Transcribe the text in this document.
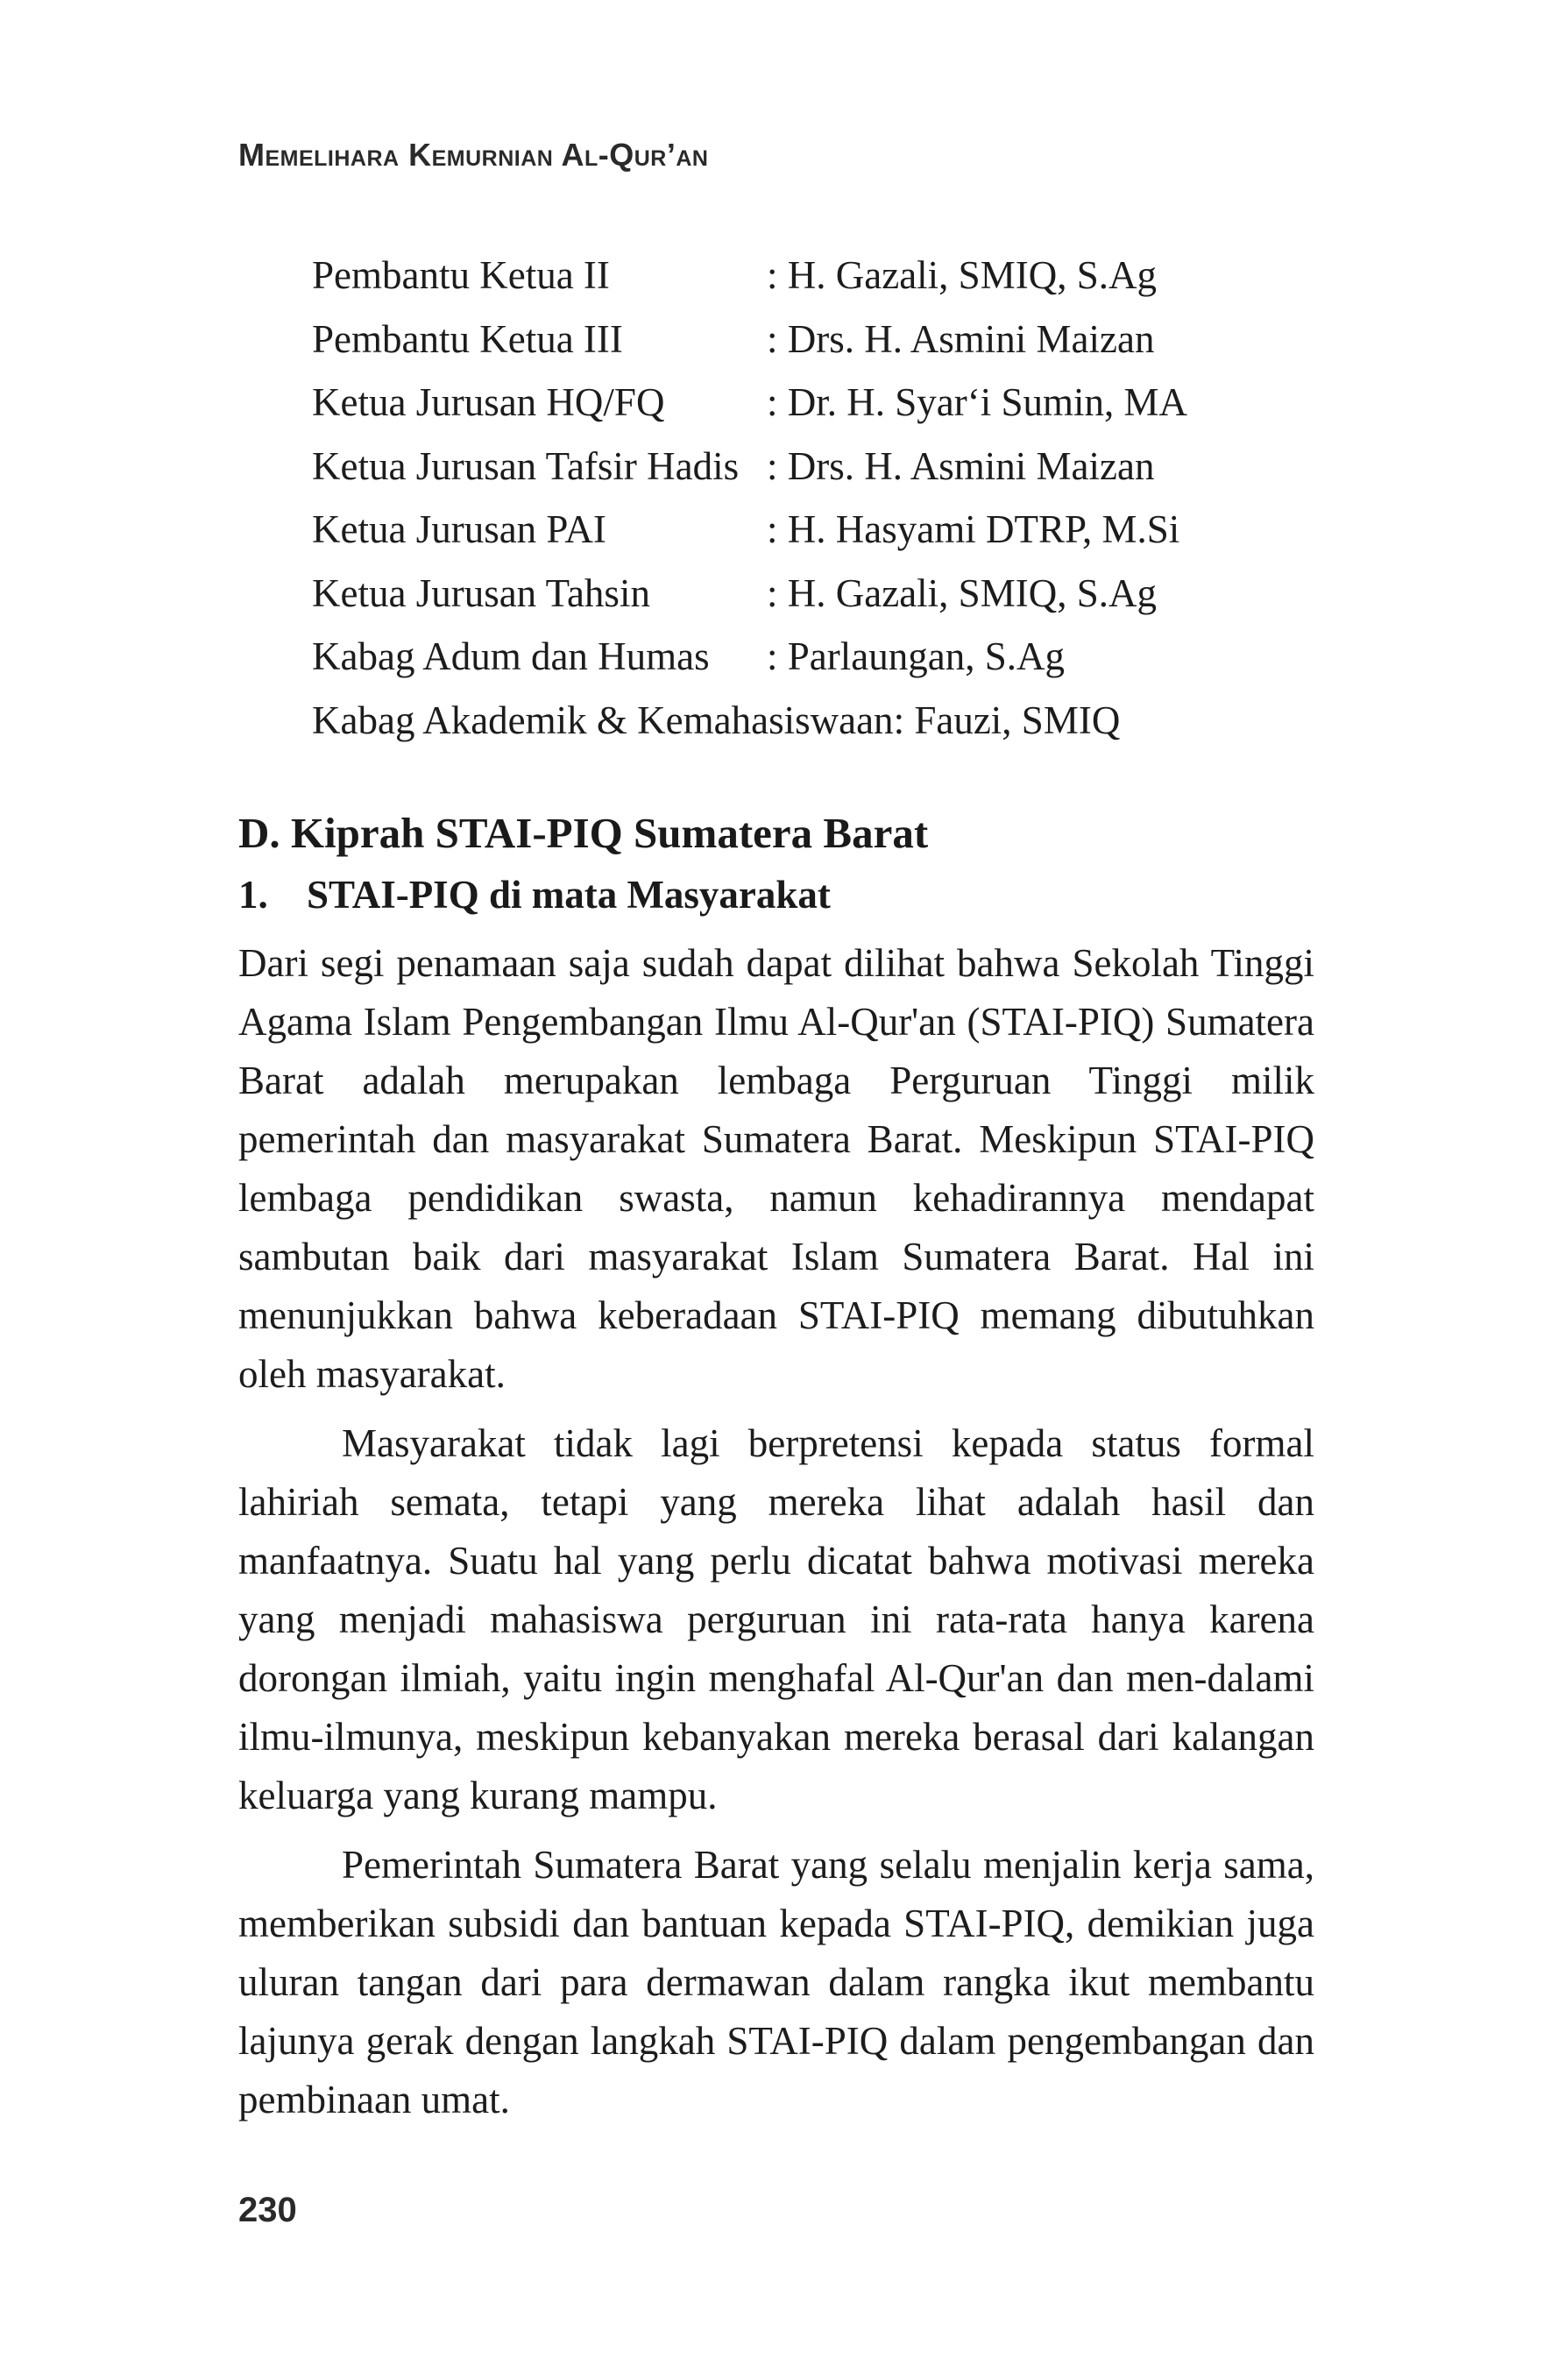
Memelihara Kemurnian Al-Qur’an
Pembantu Ketua II	: H. Gazali, SMIQ, S.Ag
Pembantu Ketua III	: Drs. H. Asmini Maizan
Ketua Jurusan HQ/FQ	: Dr. H. Syar‘i Sumin, MA
Ketua Jurusan Tafsir Hadis	: Drs. H. Asmini Maizan
Ketua Jurusan PAI	: H. Hasyami DTRP, M.Si
Ketua Jurusan Tahsin	: H. Gazali, SMIQ, S.Ag
Kabag Adum dan Humas	: Parlaungan, S.Ag
Kabag Akademik & Kemahasiswaan : Fauzi, SMIQ
D. Kiprah STAI-PIQ Sumatera Barat
1. STAI-PIQ di mata Masyarakat

Dari segi penamaan saja sudah dapat dilihat bahwa Sekolah Tinggi Agama Islam Pengembangan Ilmu Al-Qur'an (STAI-PIQ) Sumatera Barat adalah merupakan lembaga Perguruan Tinggi milik pemerintah dan masyarakat Sumatera Barat. Meskipun STAI-PIQ lembaga pendidikan swasta, namun kehadirannya mendapat sambutan baik dari masyarakat Islam Sumatera Barat. Hal ini menunjukkan bahwa keberadaan STAI-PIQ memang dibutuhkan oleh masyarakat.

Masyarakat tidak lagi berpretensi kepada status formal lahiriah semata, tetapi yang mereka lihat adalah hasil dan manfaatnya. Suatu hal yang perlu dicatat bahwa motivasi mereka yang menjadi mahasiswa perguruan ini rata-rata hanya karena dorongan ilmiah, yaitu ingin menghafal Al-Qur'an dan men-dalami ilmu-ilmunya, meskipun kebanyakan mereka berasal dari kalangan keluarga yang kurang mampu.

Pemerintah Sumatera Barat yang selalu menjalin kerja sama, memberikan subsidi dan bantuan kepada STAI-PIQ, demikian juga uluran tangan dari para dermawan dalam rangka ikut membantu lajunya gerak dengan langkah STAI-PIQ dalam pengembangan dan pembinaan umat.

230
